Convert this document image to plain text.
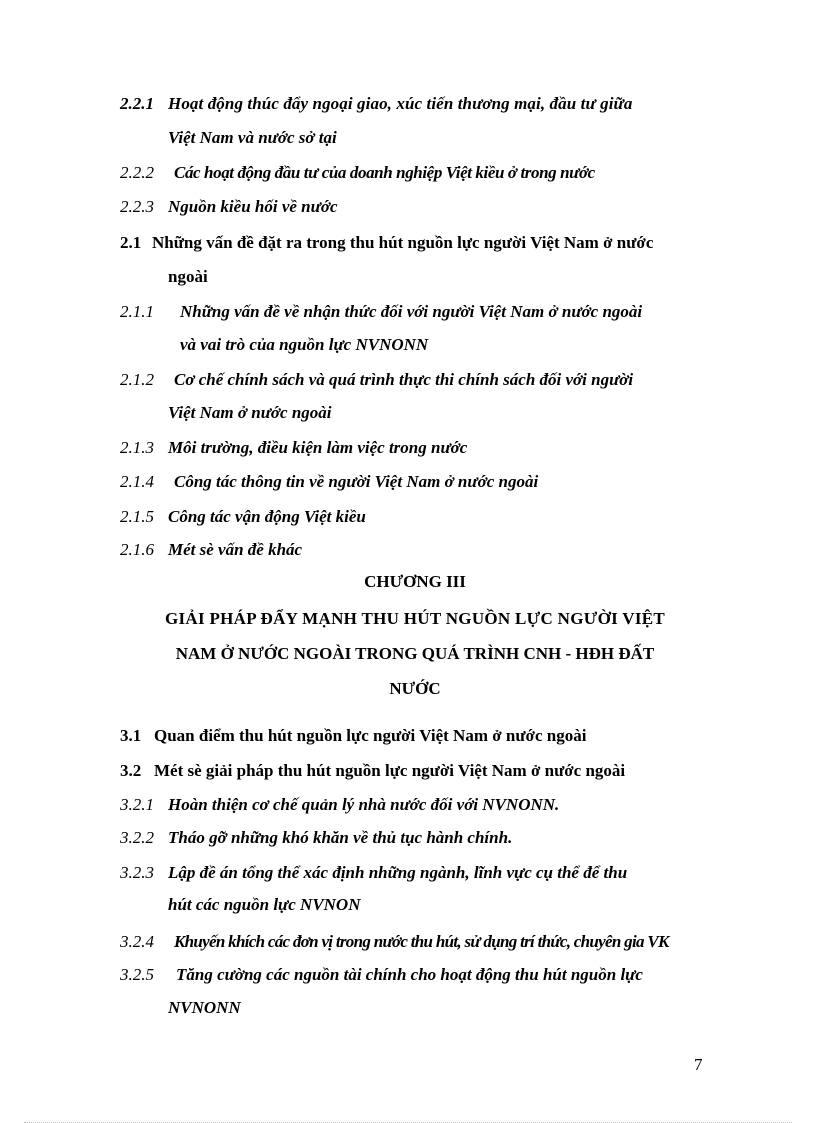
2.2.1 Hoạt động thúc đẩy ngoại giao, xúc tiến thương mại, đầu tư giữa
Việt Nam và nước sở tại
2.2.2 Các hoạt động đầu tư của doanh nghiệp Việt kiều ở trong nước
2.2.3 Nguồn kiều hối về nước
2.1 Những vấn đề đặt ra trong thu hút nguồn lực người Việt Nam ở nước
ngoài
2.1.1 Những vấn đề về nhận thức đối với người Việt Nam ở nước ngoài
và vai trò của nguồn lực NVNONN
2.1.2 Cơ chế chính sách và quá trình thực thi chính sách đối với người
Việt Nam ở nước ngoài
2.1.3 Môi trường, điều kiện làm việc trong nước
2.1.4 Công tác thông tin về người Việt Nam ở nước ngoài
2.1.5 Công tác vận động Việt kiều
2.1.6 Mét sè vấn đề khác
CHƯƠNG III
GIẢI PHÁP ĐẨY MẠNH THU HÚT NGUỒN LỰC NGƯỜI VIỆT
NAM Ở NƯỚC NGOÀI TRONG QUÁ TRÌNH CNH - HĐH ĐẤT
NƯỚC
3.1 Quan điểm thu hút nguồn lực người Việt Nam ở nước ngoài
3.2 Mét sè giải pháp thu hút nguồn lực người Việt Nam ở nước ngoài
3.2.1 Hoàn thiện cơ chế quản lý nhà nước đối với NVNONN.
3.2.2 Tháo gỡ những khó khăn về thủ tục hành chính.
3.2.3 Lập đề án tổng thể xác định những ngành, lĩnh vực cụ thể để thu
hút các nguồn lực NVNON
3.2.4 Khuyến khích các đơn vị trong nước thu hút, sử dụng trí thức, chuyên gia VK
3.2.5 Tăng cường các nguồn tài chính cho hoạt động thu hút nguồn lực
NVNONN
7
